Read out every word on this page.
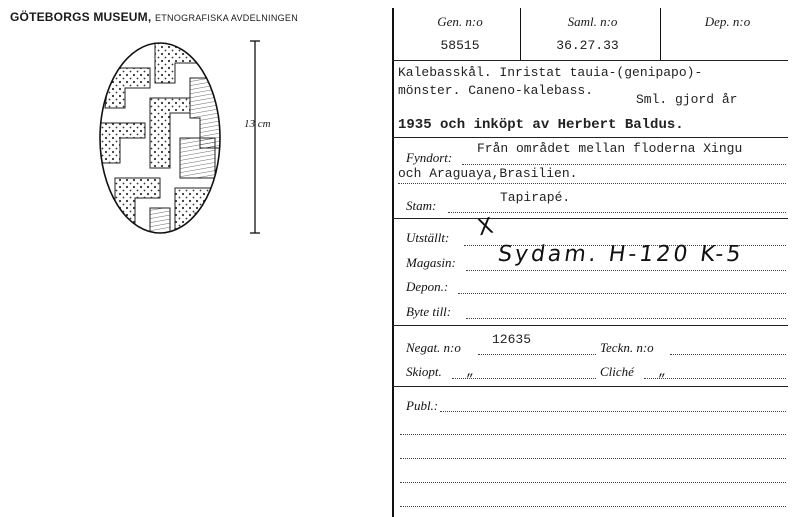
GÖTEBORGS MUSEUM, ETNOGRAFISKA AVDELNINGEN
13 cm
Gen. n:o
58515
Saml. n:o
36.27.33
Dep. n:o
Kalebasskål. Inristat tauia-(genipapo)-
mönster. Caneno-kalebass.
Sml. gjord år
1935 och inköpt av Herbert Baldus.
Fyndort:
Från området mellan floderna Xingu
och Araguaya,Brasilien.
Stam:
Tapirapé.
Utställt: X
Magasin: Sydam. H-120 K-5
Depon.:
Byte till:
Negat. n:o
12635
Teckn. n:o
Skiopt. „	Cliché „
Publ.:
